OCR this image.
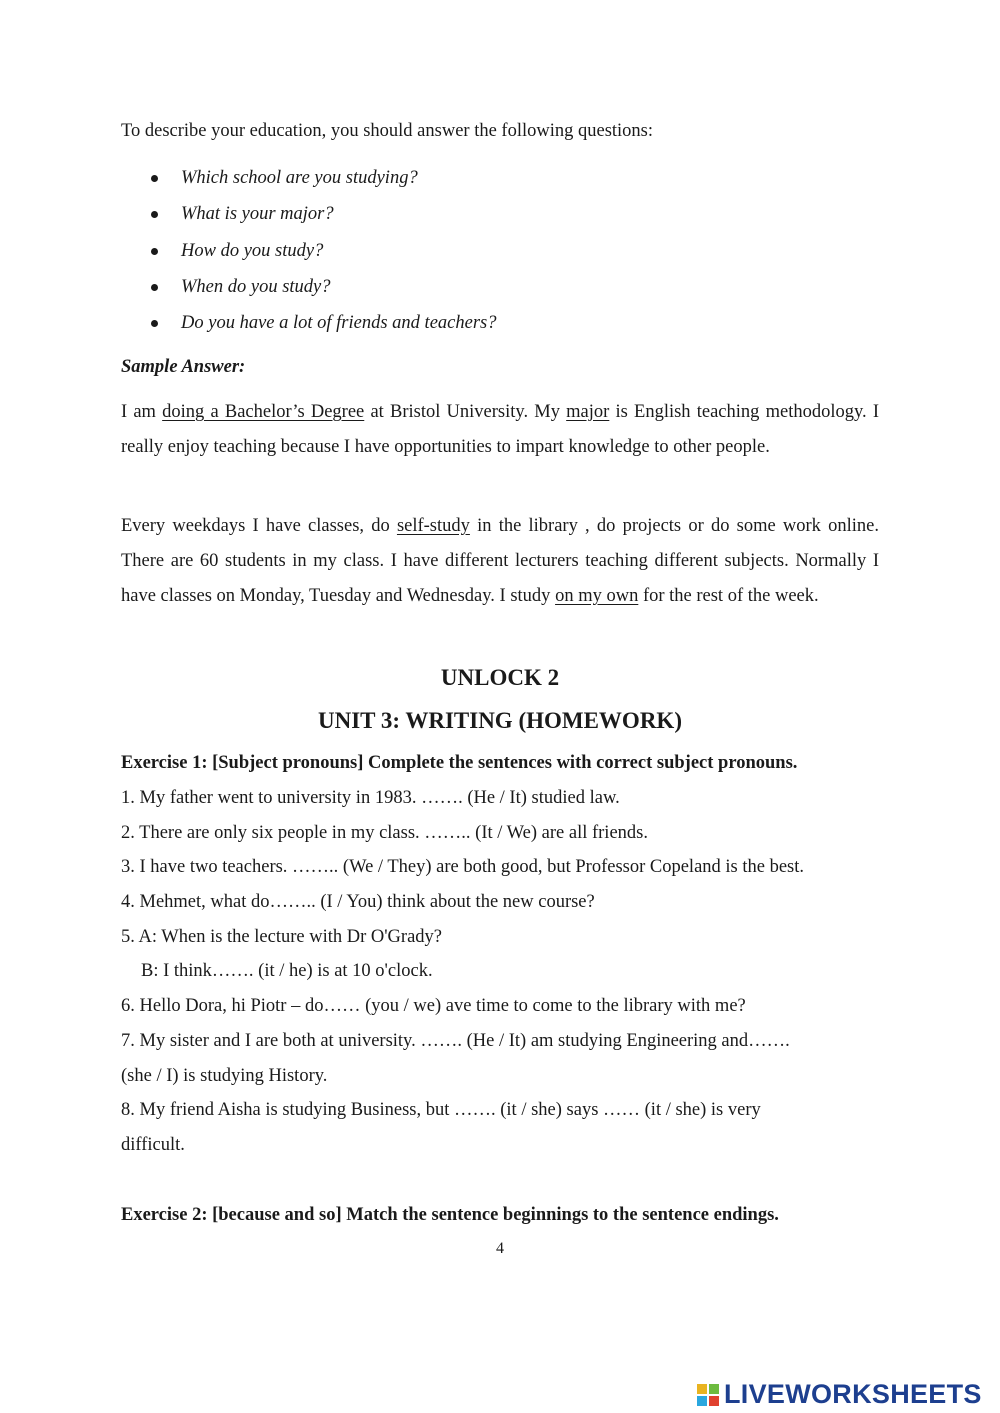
To describe your education, you should answer the following questions:

Which school are you studying?
What is your major?
How do you study?
When do you study?
Do you have a lot of friends and teachers?

Sample Answer:

I am doing a Bachelor’s Degree at Bristol University. My major is English teaching methodology. I really enjoy teaching because I have opportunities to impart knowledge to other people.

Every weekdays I have classes, do self-study in the library , do projects or do some work online. There are 60 students in my class. I have different lecturers teaching different subjects. Normally I have classes on Monday, Tuesday and Wednesday. I study on my own for the rest of the week.

UNLOCK 2
UNIT 3: WRITING (HOMEWORK)
Exercise 1: [Subject pronouns] Complete the sentences with correct subject pronouns.
1. My father went to university in 1983. ……. (He / It) studied law.
2. There are only six people in my class. …….. (It / We) are all friends.
3. I have two teachers. …….. (We / They) are both good, but Professor Copeland is the best.
4. Mehmet, what do…….. (I / You) think about the new course?
5. A: When is the lecture with Dr O'Grady?
B: I think……. (it / he) is at 10 o'clock.
6. Hello Dora, hi Piotr – do…… (you / we) ave time to come to the library with me?
7. My sister and I are both at university. ……. (He / It) am studying Engineering and…….
(she / I) is studying History.
8. My friend Aisha is studying Business, but ……. (it / she) says …… (it / she) is very
difficult.
Exercise 2: [because and so] Match the sentence beginnings to the sentence endings.
4
LIVEWORKSHEETS
